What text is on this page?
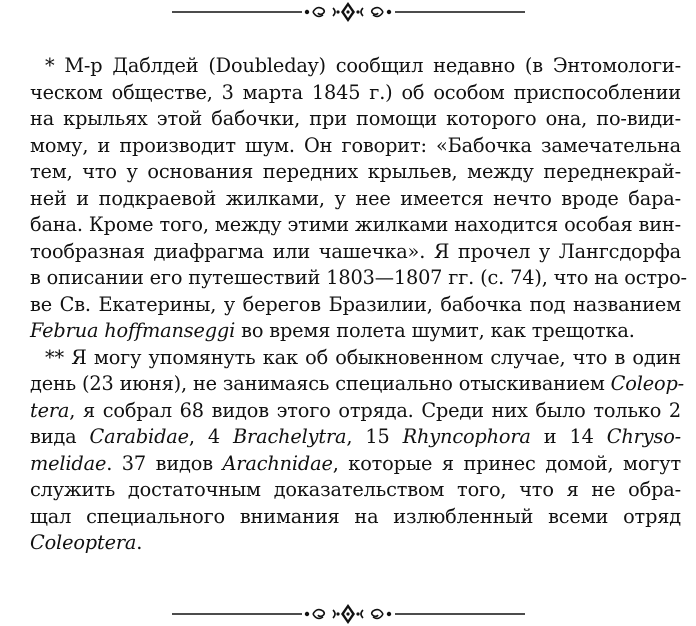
* М-р Даблдей (Doubleday) сообщил недавно (в Энтомологи-
ческом обществе, 3 марта 1845 г.) об особом приспособлении
на крыльях этой бабочки, при помощи которого она, по-види-
мому, и производит шум. Он говорит: «Бабочка замечательна
тем, что у основания передних крыльев, между переднекрай-
ней и подкраевой жилками, у нее имеется нечто вроде бара-
бана. Кроме того, между этими жилками находится особая вин-
тообразная диафрагма или чашечка». Я прочел у Лангсдорфа
в описании его путешествий 1803—1807 гг. (с. 74), что на остро-
ве Св. Екатерины, у берегов Бразилии, бабочка под названием
Februa hoffmanseggi во время полета шумит, как трещотка.
** Я могу упомянуть как об обыкновенном случае, что в один
день (23 июня), не занимаясь специально отыскиванием Coleop-
tera, я собрал 68 видов этого отряда. Среди них было только 2
вида Carabidae, 4 Brachelytra, 15 Rhyncophora и 14 Chryso-
melidae. 37 видов Arachnidae, которые я принес домой, могут
служить достаточным доказательством того, что я не обра-
щал специального внимания на излюбленный всеми отряд
Coleoptera.
